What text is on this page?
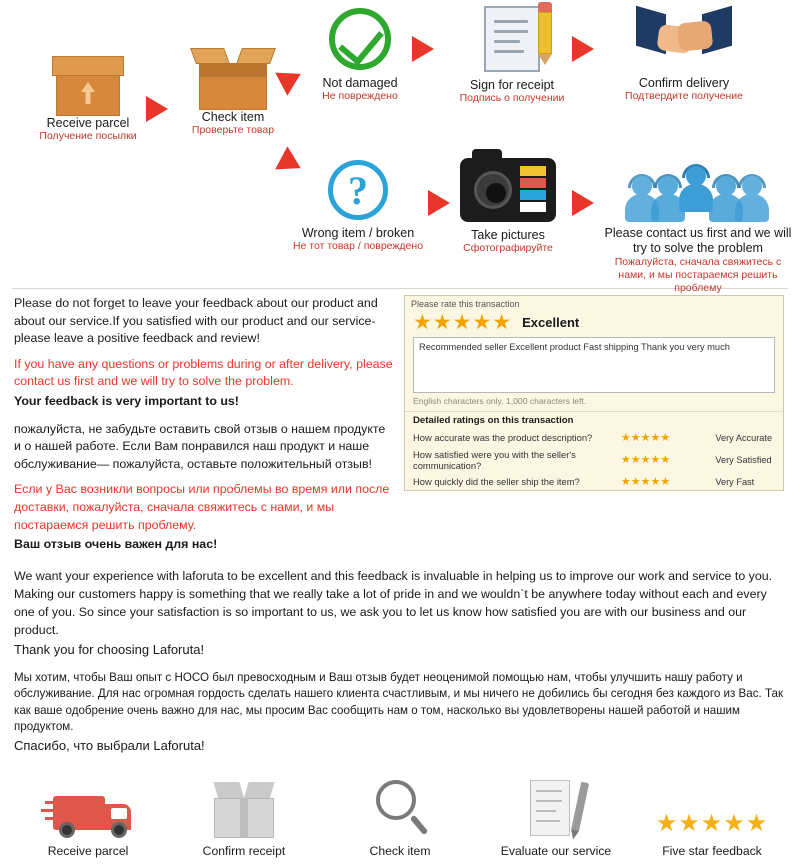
Receive parcel
Получение посылки
Check item
Проверьте товар
Not damaged
Не повреждено
Sign for receipt
Подпись о получении
Confirm delivery
Подтвердите получение
?
Wrong item / broken
Не тот товар / повреждено
Take pictures
Сфотографируйте
Please contact us first and we will try to solve the problem
Пожалуйста, сначала свяжитесь с нами, и мы постараемся решить проблему

Please do not forget to leave your feedback about our product and about our service.If you satisfied with our product and our service- please leave a positive feedback and review!

If you have any questions or problems during or after delivery, please contact us first and we will try to solve the problem.

Your feedback is very important to us!

пожалуйста, не забудьте оставить свой отзыв о нашем продукте и о нашей работе. Если Вам понравился наш продукт и наше обслуживание— пожалуйста, оставьте положительный отзыв!

Если у Вас возникли вопросы или проблемы во время или после доставки, пожалуйста, сначала свяжитесь с нами, и мы постараемся решить проблему.

Ваш отзыв очень важен для нас!

Please rate this transaction
★★★★★ Excellent
Recommended seller Excellent product Fast shipping Thank you very much
English characters only. 1,000 characters left.
Detailed ratings on this transaction
How accurate was the product description?	★★★★★	Very Accurate
How satisfied were you with the seller's communication?	★★★★★	Very Satisfied
How quickly did the seller ship the item?	★★★★★	Very Fast

We want your experience with laforuta to be excellent and this feedback is invaluable in helping us to improve our work and service to you. Making our customers happy is something that we really take a lot of pride in and we wouldn`t be anywhere today without each and every one of you. So since your satisfaction is so important to us, we ask you to let us know how satisfied you are with our business and our product.

Thank you for choosing Laforuta!

Мы хотим, чтобы Ваш опыт с НОСО был превосходным и Ваш отзыв будет неоценимой помощью нам, чтобы улучшить нашу работу и обслуживание. Для нас огромная гордость сделать нашего клиента счастливым, и мы ничего не добились бы сегодня без каждого из Вас. Так как ваше одобрение очень важно для нас, мы просим Вас сообщить нам о том, насколько вы удовлетворены нашей работой и нашим продуктом.

Спасибо, что выбрали Laforuta!

Receive parcel	Confirm receipt	Check item	Evaluate our service
★★★★★
Five star feedback
